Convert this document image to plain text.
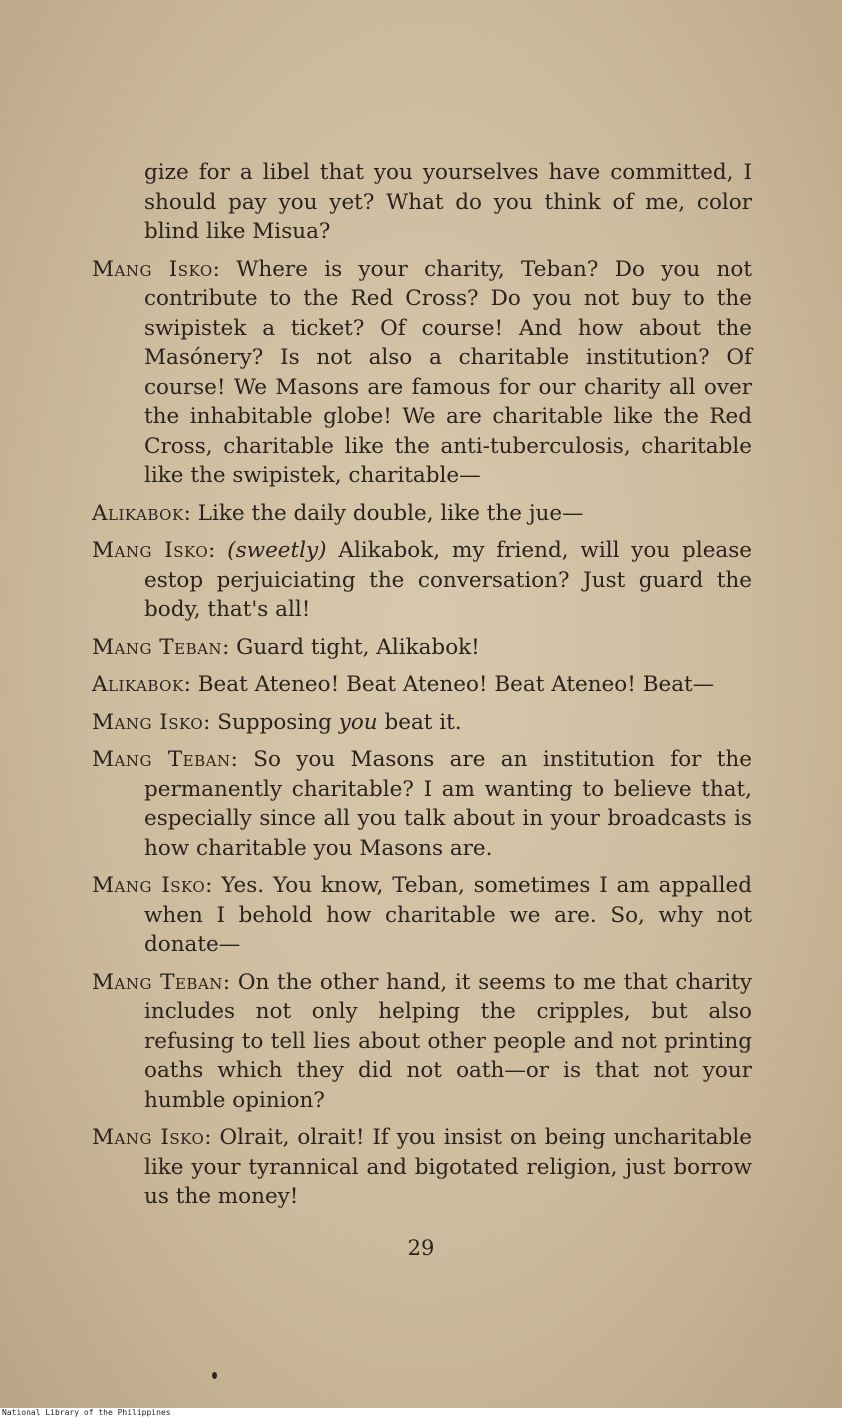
gize for a libel that you yourselves have committed, I should pay you yet? What do you think of me, color blind like Misua?

Mang Isko: Where is your charity, Teban? Do you not contribute to the Red Cross? Do you not buy to the swipistek a ticket? Of course! And how about the Masónery? Is not also a charitable institution? Of course! We Masons are famous for our charity all over the inhabitable globe! We are charitable like the Red Cross, charitable like the anti-tuberculosis, charitable like the swipistek, charitable—

Alikabok: Like the daily double, like the jue—

Mang Isko: (sweetly) Alikabok, my friend, will you please estop perjuiciating the conversation? Just guard the body, that's all!

Mang Teban: Guard tight, Alikabok!

Alikabok: Beat Ateneo! Beat Ateneo! Beat Ateneo! Beat—

Mang Isko: Supposing you beat it.

Mang Teban: So you Masons are an institution for the permanently charitable? I am wanting to believe that, especially since all you talk about in your broadcasts is how charitable you Masons are.

Mang Isko: Yes. You know, Teban, sometimes I am appalled when I behold how charitable we are. So, why not donate—

Mang Teban: On the other hand, it seems to me that charity includes not only helping the cripples, but also refusing to tell lies about other people and not printing oaths which they did not oath—or is that not your humble opinion?

Mang Isko: Olrait, olrait! If you insist on being uncharitable like your tyrannical and bigotated religion, just borrow us the money!

29
National Library of the Philippines
